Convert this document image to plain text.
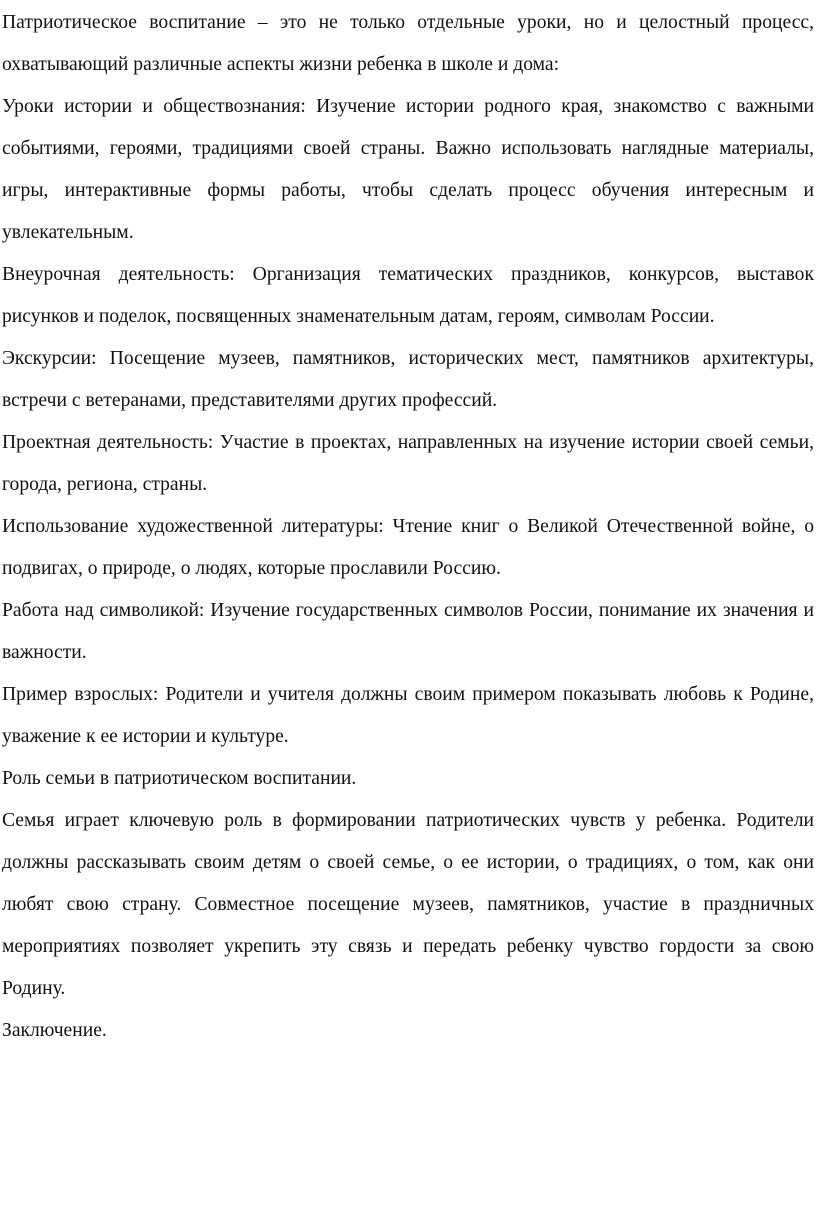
Патриотическое воспитание – это не только отдельные уроки, но и целостный процесс, охватывающий различные аспекты жизни ребенка в школе и дома:

Уроки истории и обществознания: Изучение истории родного края, знакомство с важными событиями, героями, традициями своей страны. Важно использовать наглядные материалы, игры, интерактивные формы работы, чтобы сделать процесс обучения интересным и увлекательным.

Внеурочная деятельность: Организация тематических праздников, конкурсов, выставок рисунков и поделок, посвященных знаменательным датам, героям, символам России.

Экскурсии: Посещение музеев, памятников, исторических мест, памятников архитектуры, встречи с ветеранами, представителями других профессий.

Проектная деятельность: Участие в проектах, направленных на изучение истории своей семьи, города, региона, страны.

Использование художественной литературы: Чтение книг о Великой Отечественной войне, о подвигах, о природе, о людях, которые прославили Россию.

Работа над символикой: Изучение государственных символов России, понимание их значения и важности.

Пример взрослых: Родители и учителя должны своим примером показывать любовь к Родине, уважение к ее истории и культуре.

Роль семьи в патриотическом воспитании.

Семья играет ключевую роль в формировании патриотических чувств у ребенка. Родители должны рассказывать своим детям о своей семье, о ее истории, о традициях, о том, как они любят свою страну. Совместное посещение музеев, памятников, участие в праздничных мероприятиях позволяет укрепить эту связь и передать ребенку чувство гордости за свою Родину.

Заключение.
